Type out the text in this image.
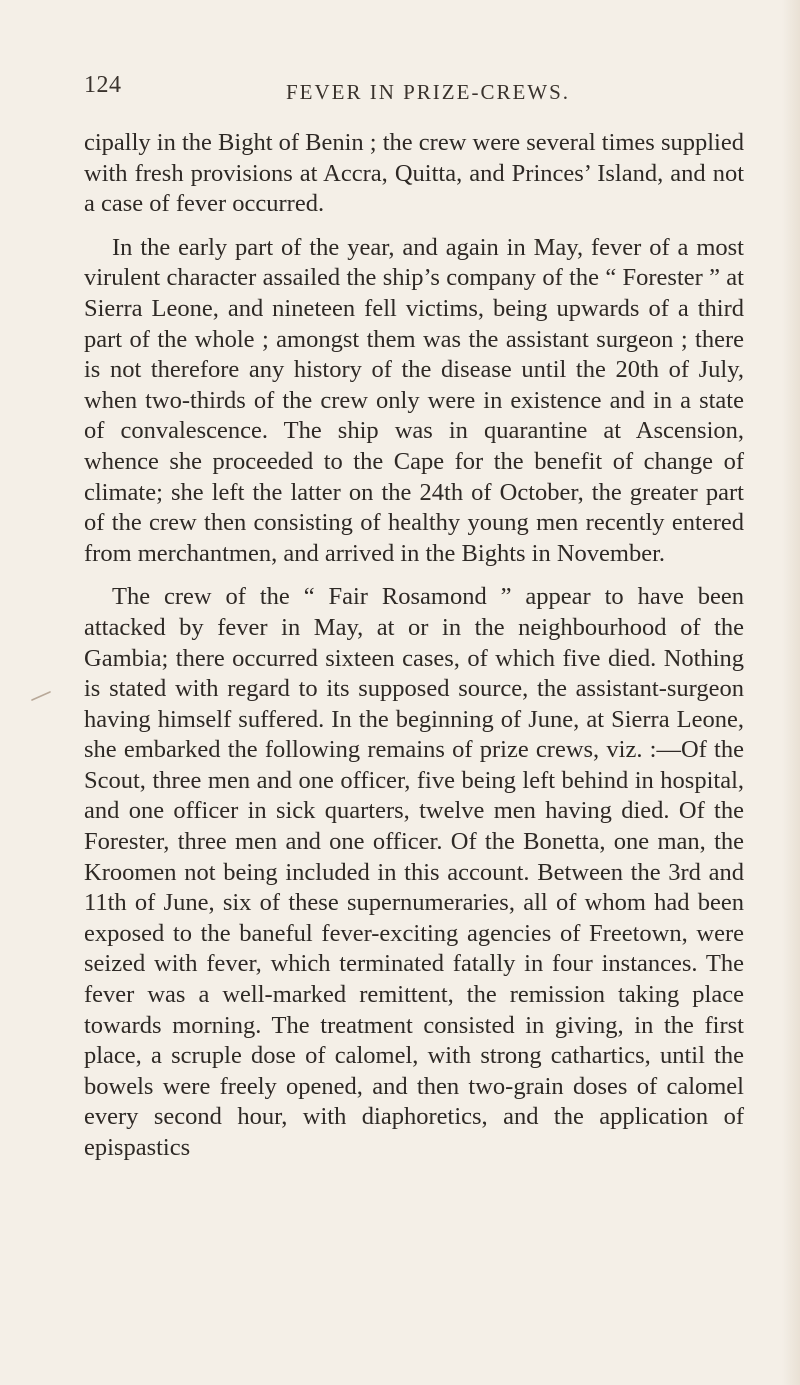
124	FEVER IN PRIZE-CREWS.

cipally in the Bight of Benin ; the crew were several times supplied with fresh provisions at Accra, Quitta, and Princes’ Island, and not a case of fever occurred.

In the early part of the year, and again in May, fever of a most virulent character assailed the ship’s company of the “ Forester ” at Sierra Leone, and nineteen fell victims, being upwards of a third part of the whole ; amongst them was the assistant surgeon ; there is not therefore any history of the disease until the 20th of July, when two-thirds of the crew only were in existence and in a state of convalescence. The ship was in quarantine at Ascension, whence she proceeded to the Cape for the benefit of change of climate; she left the latter on the 24th of October, the greater part of the crew then consisting of healthy young men recently entered from merchantmen, and arrived in the Bights in November.

The crew of the “ Fair Rosamond ” appear to have been attacked by fever in May, at or in the neighbourhood of the Gambia; there occurred sixteen cases, of which five died. Nothing is stated with regard to its supposed source, the assistant-surgeon having himself suffered. In the beginning of June, at Sierra Leone, she embarked the following remains of prize crews, viz. :—Of the Scout, three men and one officer, five being left behind in hospital, and one officer in sick quarters, twelve men having died. Of the Forester, three men and one officer. Of the Bonetta, one man, the Kroomen not being included in this account. Between the 3rd and 11th of June, six of these supernumeraries, all of whom had been exposed to the baneful fever-exciting agencies of Freetown, were seized with fever, which terminated fatally in four instances. The fever was a well-marked remittent, the remission taking place towards morning. The treatment consisted in giving, in the first place, a scruple dose of calomel, with strong cathartics, until the bowels were freely opened, and then two-grain doses of calomel every second hour, with diaphoretics, and the application of epispastics
